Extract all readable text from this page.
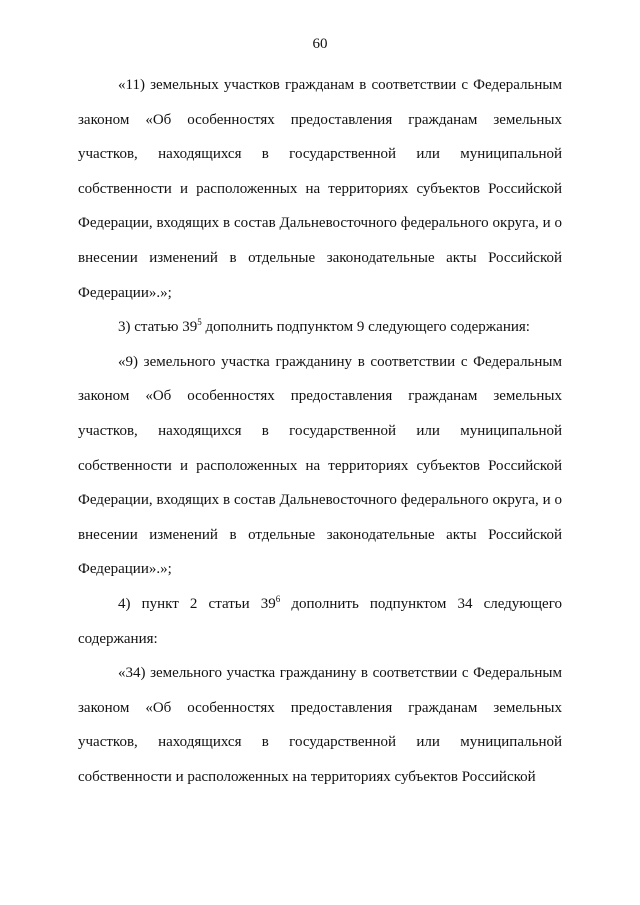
60

«11) земельных участков гражданам в соответствии с Федеральным законом «Об особенностях предоставления гражданам земельных участков, находящихся в государственной или муниципальной собственности и расположенных на территориях субъектов Российской Федерации, входящих в состав Дальневосточного федерального округа, и о внесении изменений в отдельные законодательные акты Российской Федерации».»;

3) статью $39^5$ дополнить подпунктом 9 следующего содержания:

«9) земельного участка гражданину в соответствии с Федеральным законом «Об особенностях предоставления гражданам земельных участков, находящихся в государственной или муниципальной собственности и расположенных на территориях субъектов Российской Федерации, входящих в состав Дальневосточного федерального округа, и о внесении изменений в отдельные законодательные акты Российской Федерации».»;

4) пункт 2 статьи $39^6$ дополнить подпунктом 34 следующего содержания:

«34) земельного участка гражданину в соответствии с Федеральным законом «Об особенностях предоставления гражданам земельных участков, находящихся в государственной или муниципальной собственности и расположенных на территориях субъектов Российской
